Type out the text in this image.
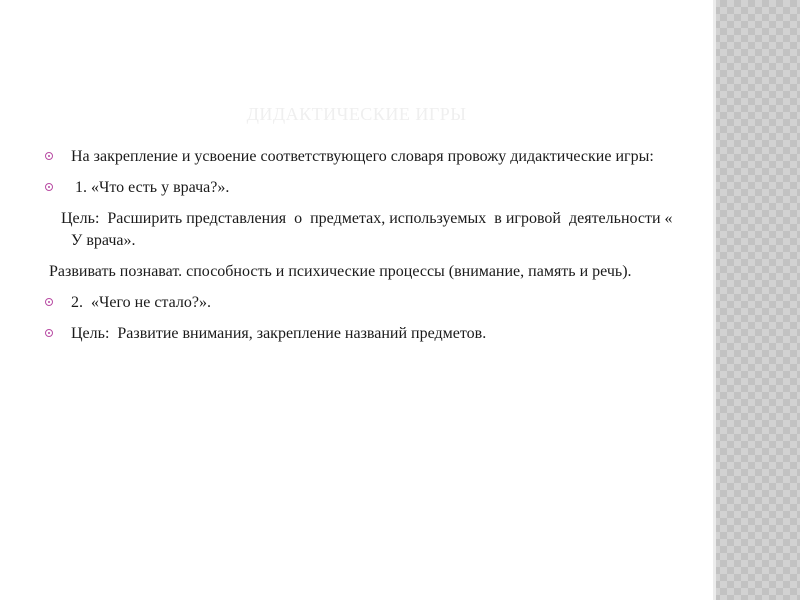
ДИДАКТИЧЕСКИЕ ИГРЫ

На закрепление и усвоение соответствующего словаря провожу дидактические игры:

1. «Что есть у врача?».

Цель:  Расширить представления  о  предметах, используемых  в игровой  деятельности « У врача».

Развивать познават. способность и психические процессы (внимание, память и речь).

2.  «Чего не стало?».

Цель:  Развитие внимания, закрепление названий предметов.
